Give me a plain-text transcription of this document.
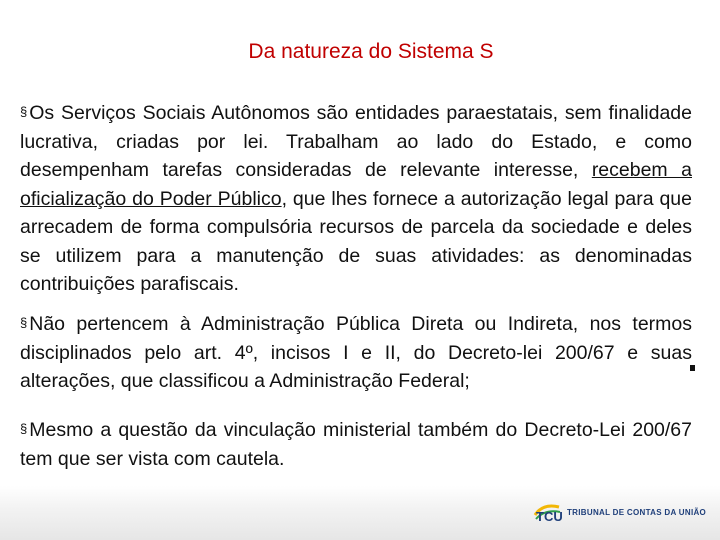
Da natureza do Sistema S

§ Os Serviços Sociais Autônomos são entidades paraestatais, sem finalidade lucrativa, criadas por lei. Trabalham ao lado do Estado, e como desempenham tarefas consideradas de relevante interesse, recebem a oficialização do Poder Público, que lhes fornece a autorização legal para que arrecadem de forma compulsória recursos de parcela da sociedade e deles se utilizem para a manutenção de suas atividades: as denominadas contribuições parafiscais.

§ Não pertencem à Administração Pública Direta ou Indireta, nos termos disciplinados pelo art. 4º, incisos I e II, do Decreto-lei 200/67 e suas alterações, que classificou a Administração Federal;

§ Mesmo a questão da vinculação ministerial também do Decreto-Lei 200/67 tem que ser vista com cautela.

TCU TRIBUNAL DE CONTAS DA UNIÃO
